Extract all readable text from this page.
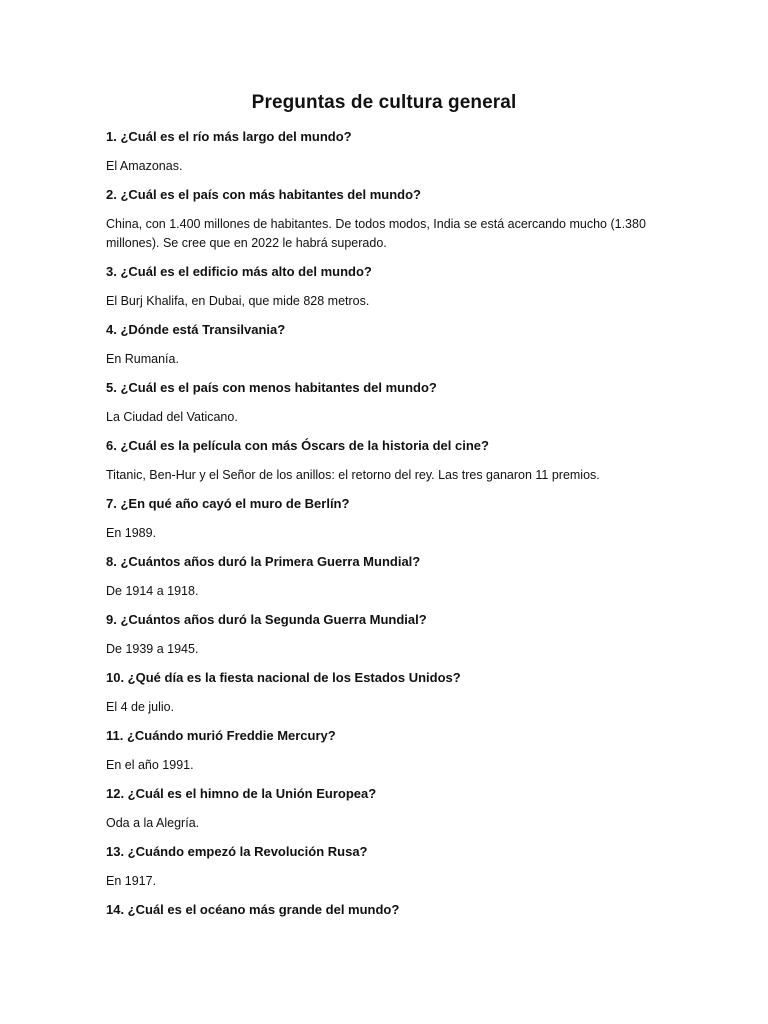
Preguntas de cultura general

1. ¿Cuál es el río más largo del mundo?

El Amazonas.

2. ¿Cuál es el país con más habitantes del mundo?

China, con 1.400 millones de habitantes. De todos modos, India se está acercando mucho (1.380 millones). Se cree que en 2022 le habrá superado.

3. ¿Cuál es el edificio más alto del mundo?

El Burj Khalifa, en Dubai, que mide 828 metros.

4. ¿Dónde está Transilvania?

En Rumanía.

5. ¿Cuál es el país con menos habitantes del mundo?

La Ciudad del Vaticano.

6. ¿Cuál es la película con más Óscars de la historia del cine?

Titanic, Ben-Hur y el Señor de los anillos: el retorno del rey. Las tres ganaron 11 premios.

7. ¿En qué año cayó el muro de Berlín?

En 1989.

8. ¿Cuántos años duró la Primera Guerra Mundial?

De 1914 a 1918.

9. ¿Cuántos años duró la Segunda Guerra Mundial?

De 1939 a 1945.

10. ¿Qué día es la fiesta nacional de los Estados Unidos?

El 4 de julio.

11. ¿Cuándo murió Freddie Mercury?

En el año 1991.

12. ¿Cuál es el himno de la Unión Europea?

Oda a la Alegría.

13. ¿Cuándo empezó la Revolución Rusa?

En 1917.

14. ¿Cuál es el océano más grande del mundo?
